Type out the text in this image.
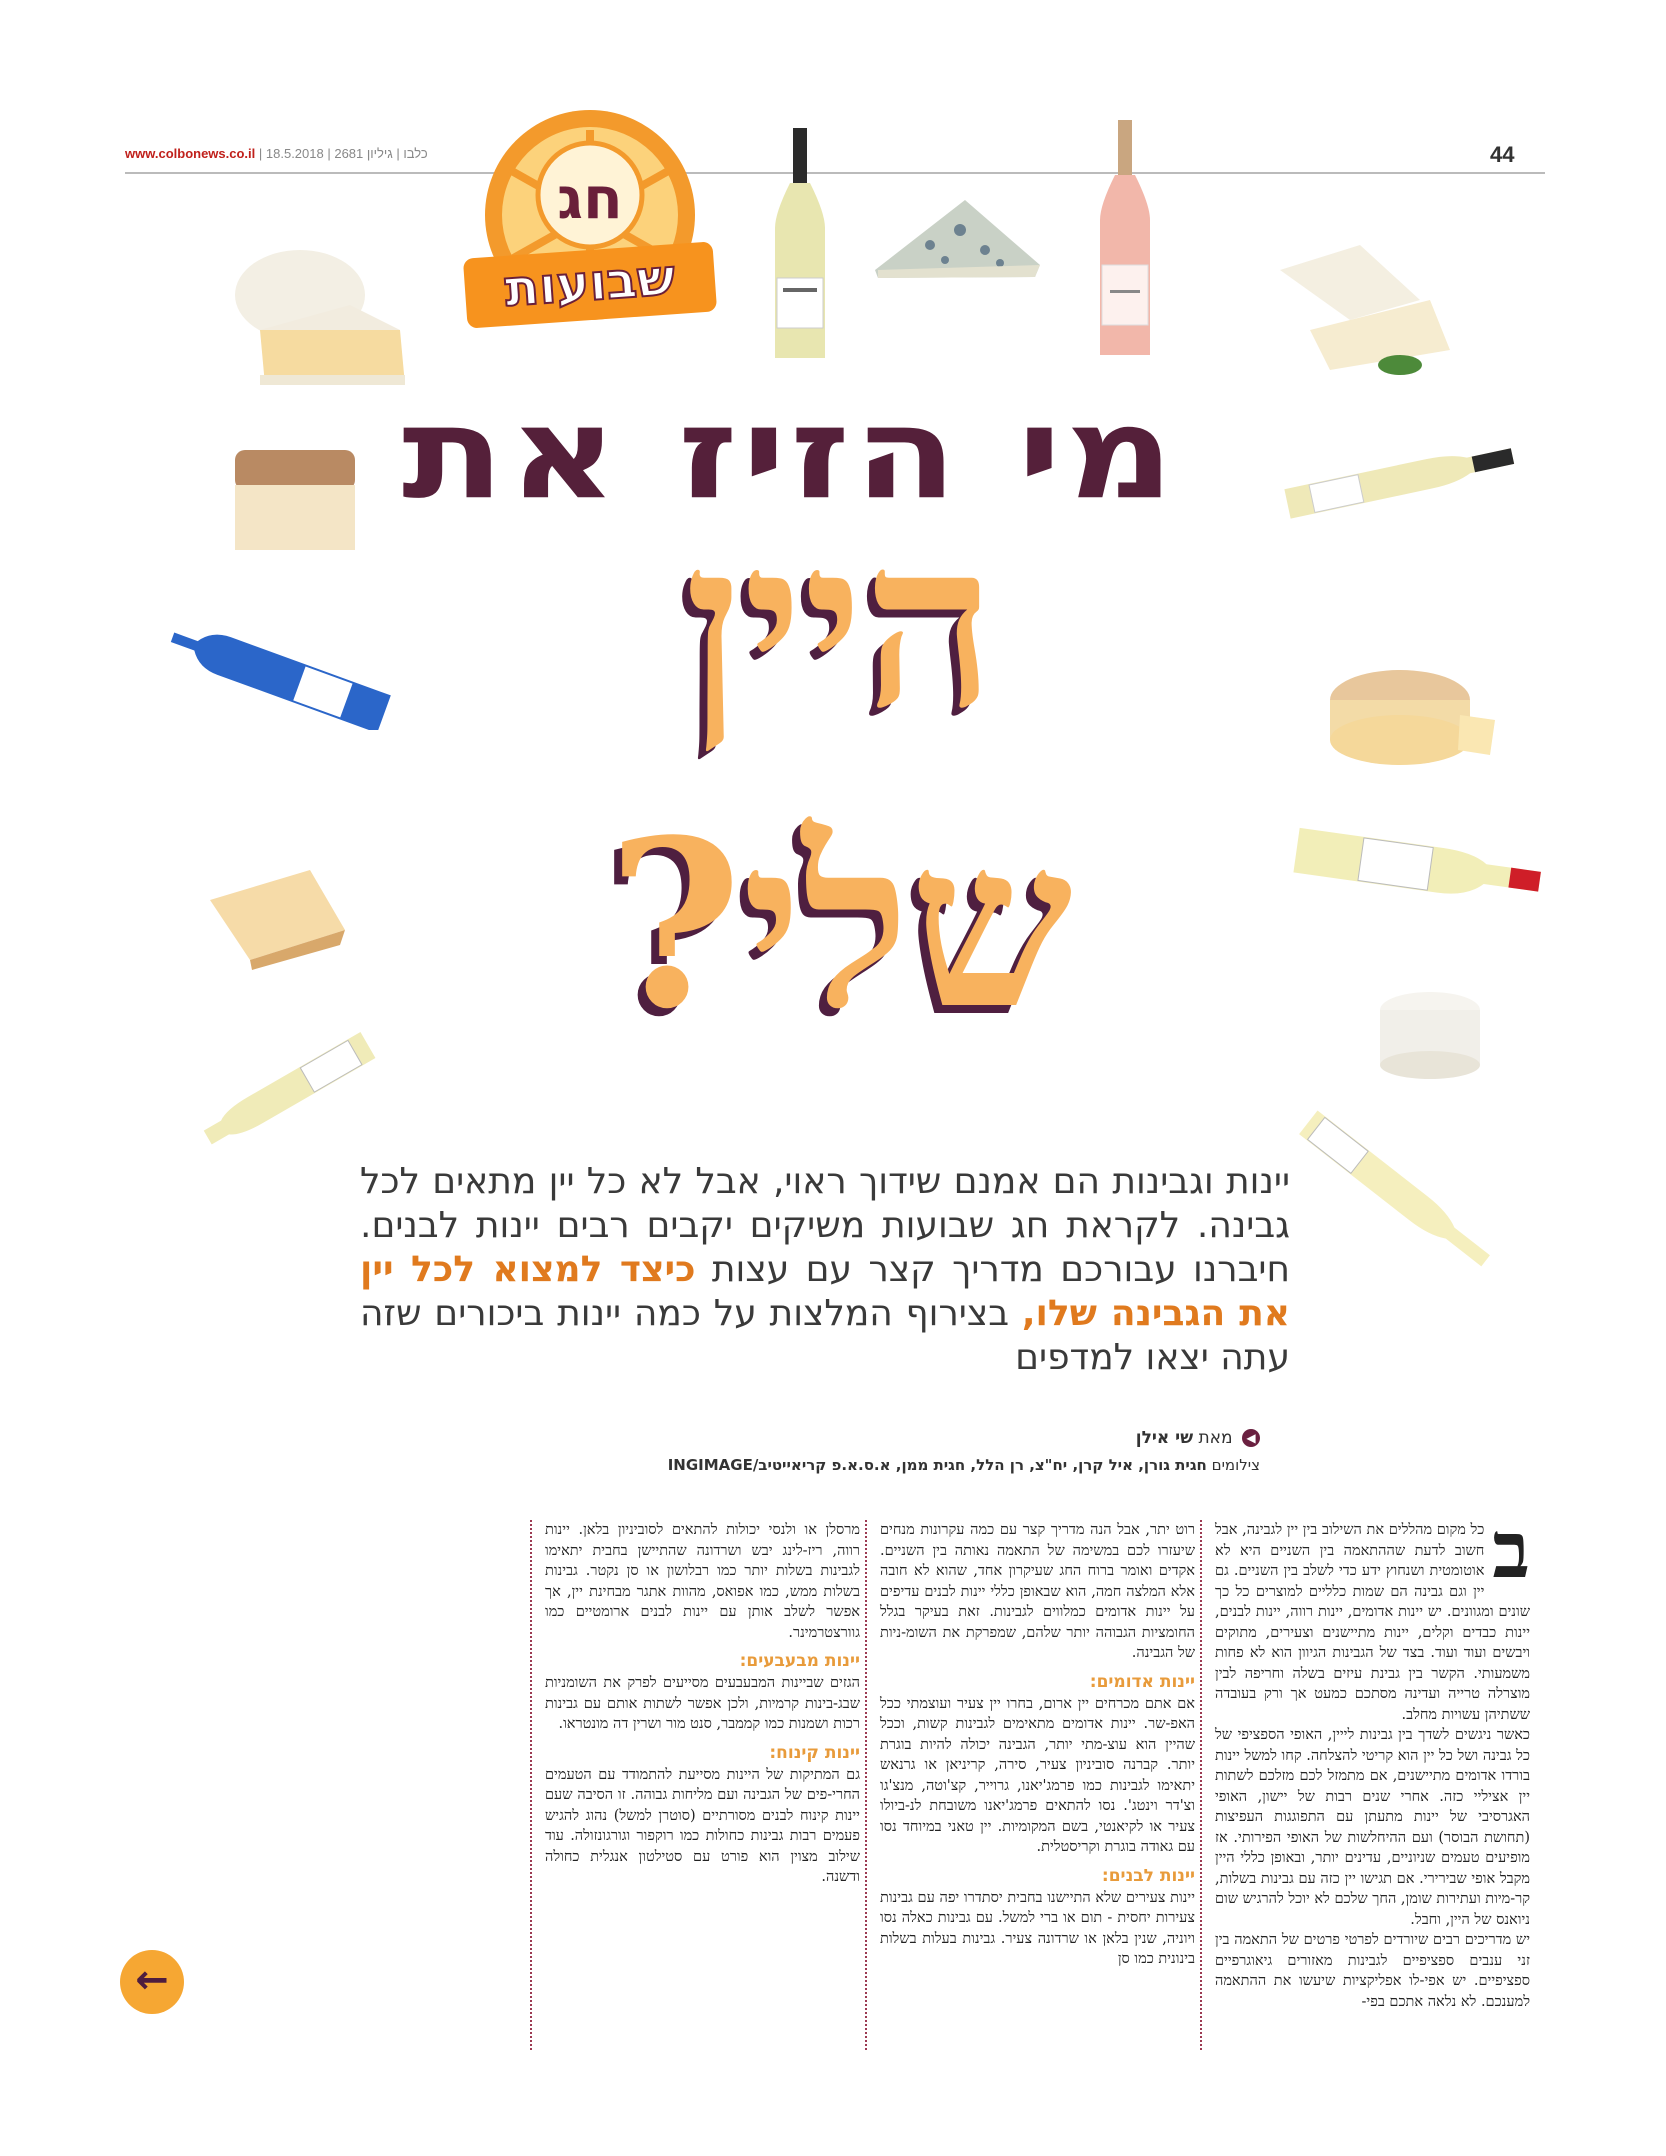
www.colbonews.co.il | כלבו | גיליון 2681 | 18.5.2018	44
חג
שבועות
מי הזיז את
היין
שלי?
יינות וגבינות הם אמנם שידוך ראוי, אבל לא כל יין מתאים לכל גבינה. לקראת חג שבועות משיקים יקבים רבים יינות לבנים. חיברנו עבורכם מדריך קצר עם עצות כיצד למצוא לכל יין את הגבינה שלו, בצירוף המלצות על כמה יינות ביכורים שזה עתה יצאו למדפים
◀ מאת שי אילן
צילומים חגית גורן, איל קרן, יח"צ, רן הלל, חגית ממן, א.ס.א.פ קריאייטיב/INGIMAGE
ב

כל מקום מהללים את השילוב בין יין לגבינה, אבל חשוב לדעת שההתאמה בין השניים היא לא אוטומטית ושנחוץ ידע כדי לשלב בין השניים. גם יין וגם גבינה הם שמות כלליים למוצרים כל כך שונים ומגוונים. יש יינות אדומים, יינות רווה, יינות לבנים, יינות כבדים וקלים, יינות מתיישנים וצעירים, מתוקים ויבשים ועוד ועוד. בצד של הגבינות הגיוון הוא לא פחות משמעותי. הקשר בין גבינת עיזים בשלה וחריפה לבין מוצרלה טרייה ועדינה מסתכם כמעט אך ורק בעובדה ששתיהן עשויות מחלב.

כאשר ניגשים לשדך בין גבינות לייין, האופי הספציפי של כל גבינה ושל כל יין הוא קריטי להצלחה. קחו למשל יינות בורדו אדומים מתיישנים, אם מתמזל לכם מזלכם לשתות יין אציליי כזה. אחרי שנים רבות של יישון, האופי האגרסיבי של יינות מתעתן עם התפוגגות העפיצות (תחושת הבוסר) ועם ההיחלשות של האופי הפירותי. אז מופיעים טעמים שניוניים, עדינים יותר, ובאופן כללי היין מקבל אופי שבירירי. אם תגישו יין כזה עם גבינות בשלות, קר-מיות ועתירות שומן, החך שלכם לא יוכל להרגיש שום ניואנס של היין, וחבל.

יש מדריכים רבים שיורדים לפרטי פרטים של התאמה בין זני ענבים ספציפיים לגבינות מאזורים גיאוגרפיים ספציפיים. יש אפי-לו אפליקציות שיעשו את ההתאמה למענכם. לא נלאה אתכם בפי-

רוט יתר, אבל הנה מדריך קצר עם כמה עקרונות מנחים שיעזרו לכם במשימה של התאמה נאותה בין השניים. אקדים ואומר ברוח החג שעיקרון אחד, שהוא לא חובה אלא המלצה חמה, הוא שבאופן כללי יינות לבנים עדיפים על יינות אדומים כמלווים לגבינות. זאת בעיקר בגלל החומציות הגבוהה יותר שלהם, שמפרקת את השומ-ניות של הגבינה.

יינות אדומים:

אם אתם מכרחים יין ארום, בחרו יין צעיר ועוצמתי ככל האפ-שר. יינות אדומים מתאימים לגבינות קשות, וככל שהיין הוא עוצ-מתי יותר, הגבינה יכולה להיות בוגרת יותר. קברנה סוביניון צעיר, סירה, קריניאן או גרנאש יתאימו לגבינות כמו פרמג'יאנו, גרוייר, קצ'וטה, מנצ'גו וצ'דר וינטג'. נסו להתאים פרמג'יאנו משובחת לנ-ביולו צעיר או לקיאנטי, בשם המקומיות. יין טאני במיוחד נסו עם גאודה בוגרת וקריסטלית.

יינות לבנים:

יינות צעירים שלא התיישנו בחבית יסתדרו יפה עם גבינות צעירות יחסית - תום או ברי למשל. עם גבינות כאלה נסו ויוניה, שנין בלאן או שרדונה צעיר. גבינות בעלות בשלות בינונית כמו סן

מרסלן או ולנסי יכולות להתאים לסוביניון בלאן. יינות רווה, ריז-לינג יבש ושרדונה שהתיישן בחבית יתאימו לגבינות בשלות יותר כמו רבלושון או סן נקטר. גבינות בשלות ממש, כמו אפואס, מהוות אתגר מבחינת יין, אך אפשר לשלב אותן עם יינות לבנים ארומטיים כמו גוורצטרמינר.

יינות מבעבעים:

הגזים שביינות המבעבעים מסייעים לפרק את השומניות שבג-בינות קרמיות, ולכן אפשר לשתות אותם עם גבינות רכות ושמנות כמו קממבר, סנט מור ושרין דה מונטראו.

יינות קינוח:

גם המתיקות של היינות מסייעת להתמודד עם הטעמים החרי-פים של הגבינה ועם מליחות גבוהה. זו הסיבה שעם יינות קינוח לבנים מסורתיים (סוטרן למשל) נהוג להגיש פעמים רבות גבינות כחולות כמו רוקפור וגורגונזולה. עוד שילוב מצוין הוא פורט עם סטילטון אנגלית כחולה ודשנה.

←
